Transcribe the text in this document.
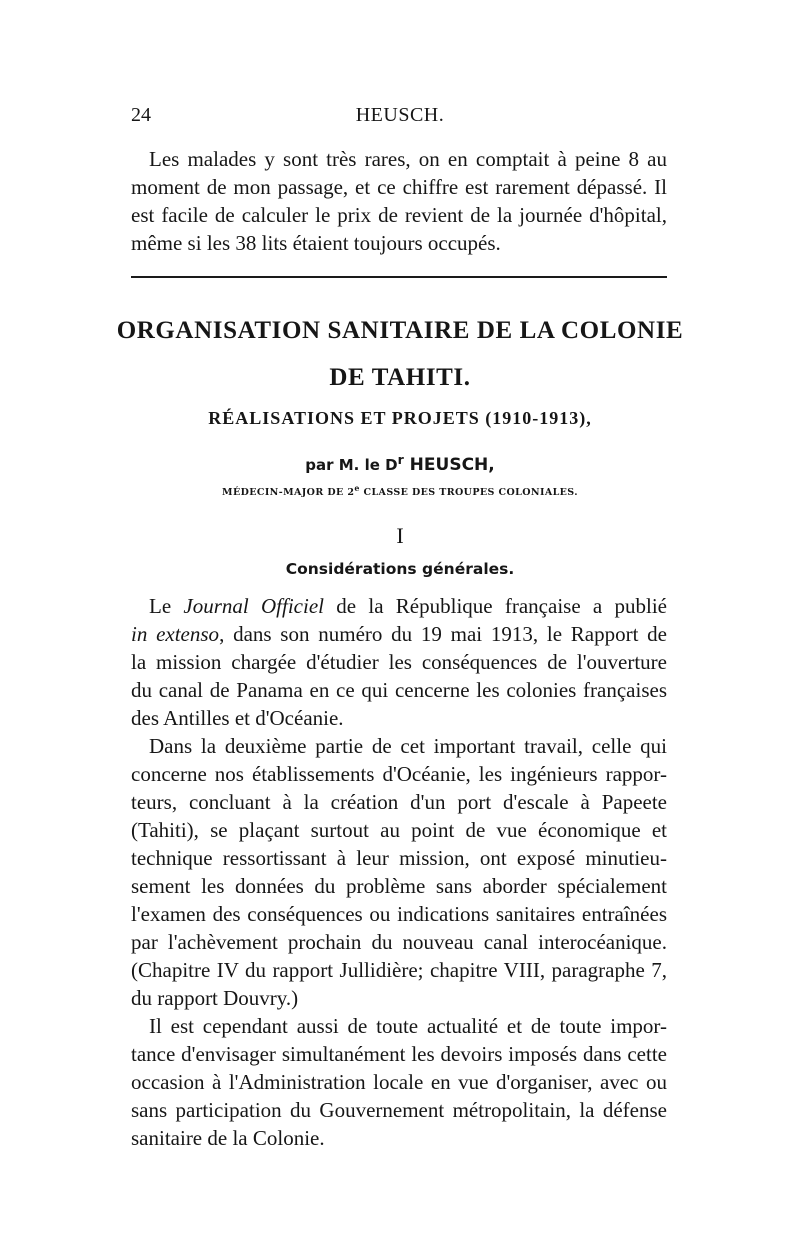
24	HEUSCH.
Les malades y sont très rares, on en comptait à peine 8 au
moment de mon passage, et ce chiffre est rarement dépassé. Il
est facile de calculer le prix de revient de la journée d'hôpital,
même si les 38 lits étaient toujours occupés.
ORGANISATION SANITAIRE DE LA COLONIE
DE TAHITI.
RÉALISATIONS ET PROJETS (1910-1913),
par M. le $D^r$ HEUSCH,
MÉDECIN-MAJOR DE 2e CLASSE DES TROUPES COLONIALES.
I
Considérations générales.
Le Journal Officiel de la République française a publié
in extenso, dans son numéro du 19 mai 1913, le Rapport de
la mission chargée d'étudier les conséquences de l'ouverture
du canal de Panama en ce qui cencerne les colonies françaises
des Antilles et d'Océanie.
Dans la deuxième partie de cet important travail, celle qui
concerne nos établissements d'Océanie, les ingénieurs rappor-
teurs, concluant à la création d'un port d'escale à Papeete
(Tahiti), se plaçant surtout au point de vue économique et
technique ressortissant à leur mission, ont exposé minutieu-
sement les données du problème sans aborder spécialement
l'examen des conséquences ou indications sanitaires entraînées
par l'achèvement prochain du nouveau canal interocéanique.
(Chapitre IV du rapport Jullidière; chapitre VIII, paragraphe 7,
du rapport Douvry.)
Il est cependant aussi de toute actualité et de toute impor-
tance d'envisager simultanément les devoirs imposés dans cette
occasion à l'Administration locale en vue d'organiser, avec ou
sans participation du Gouvernement métropolitain, la défense
sanitaire de la Colonie.
